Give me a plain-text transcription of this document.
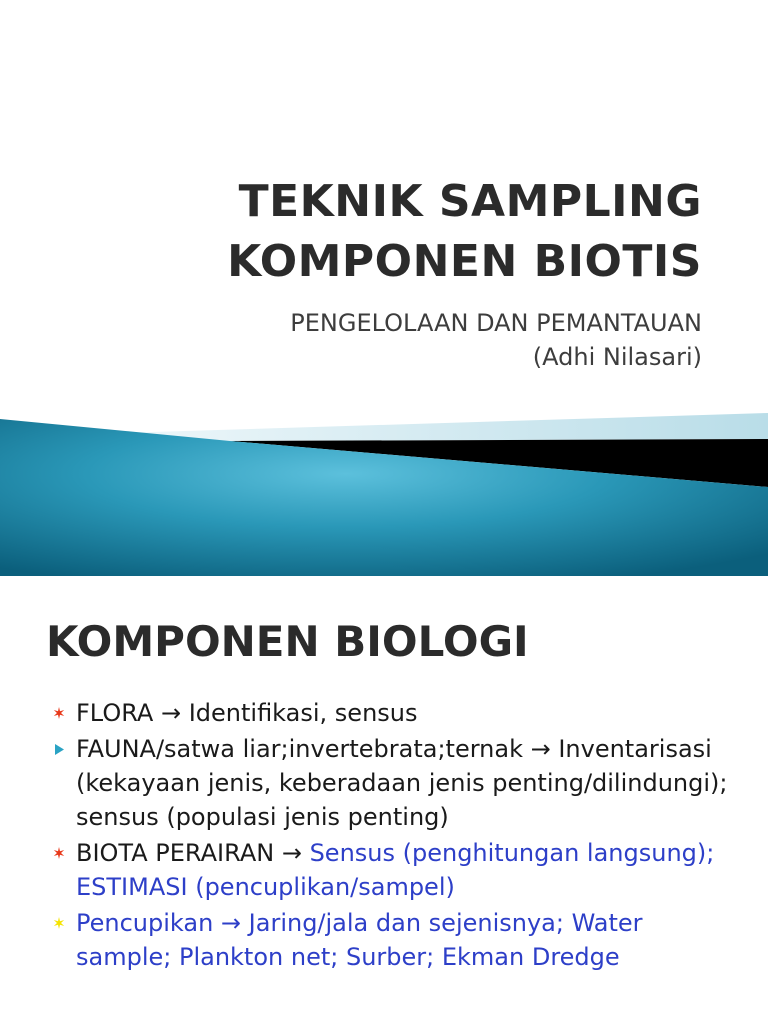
TEKNIK SAMPLING
KOMPONEN BIOTIS
PENGELOLAAN DAN PEMANTAUAN
(Adhi Nilasari)
KOMPONEN BIOLOGI
FLORA → Identifikasi, sensus
FAUNA/satwa liar;invertebrata;ternak → Inventarisasi (kekayaan jenis, keberadaan jenis penting/dilindungi); sensus (populasi jenis penting)
BIOTA PERAIRAN → Sensus (penghitungan langsung); ESTIMASI (pencuplikan/sampel)
Pencupikan → Jaring/jala dan sejenisnya; Water sample; Plankton net; Surber; Ekman Dredge
